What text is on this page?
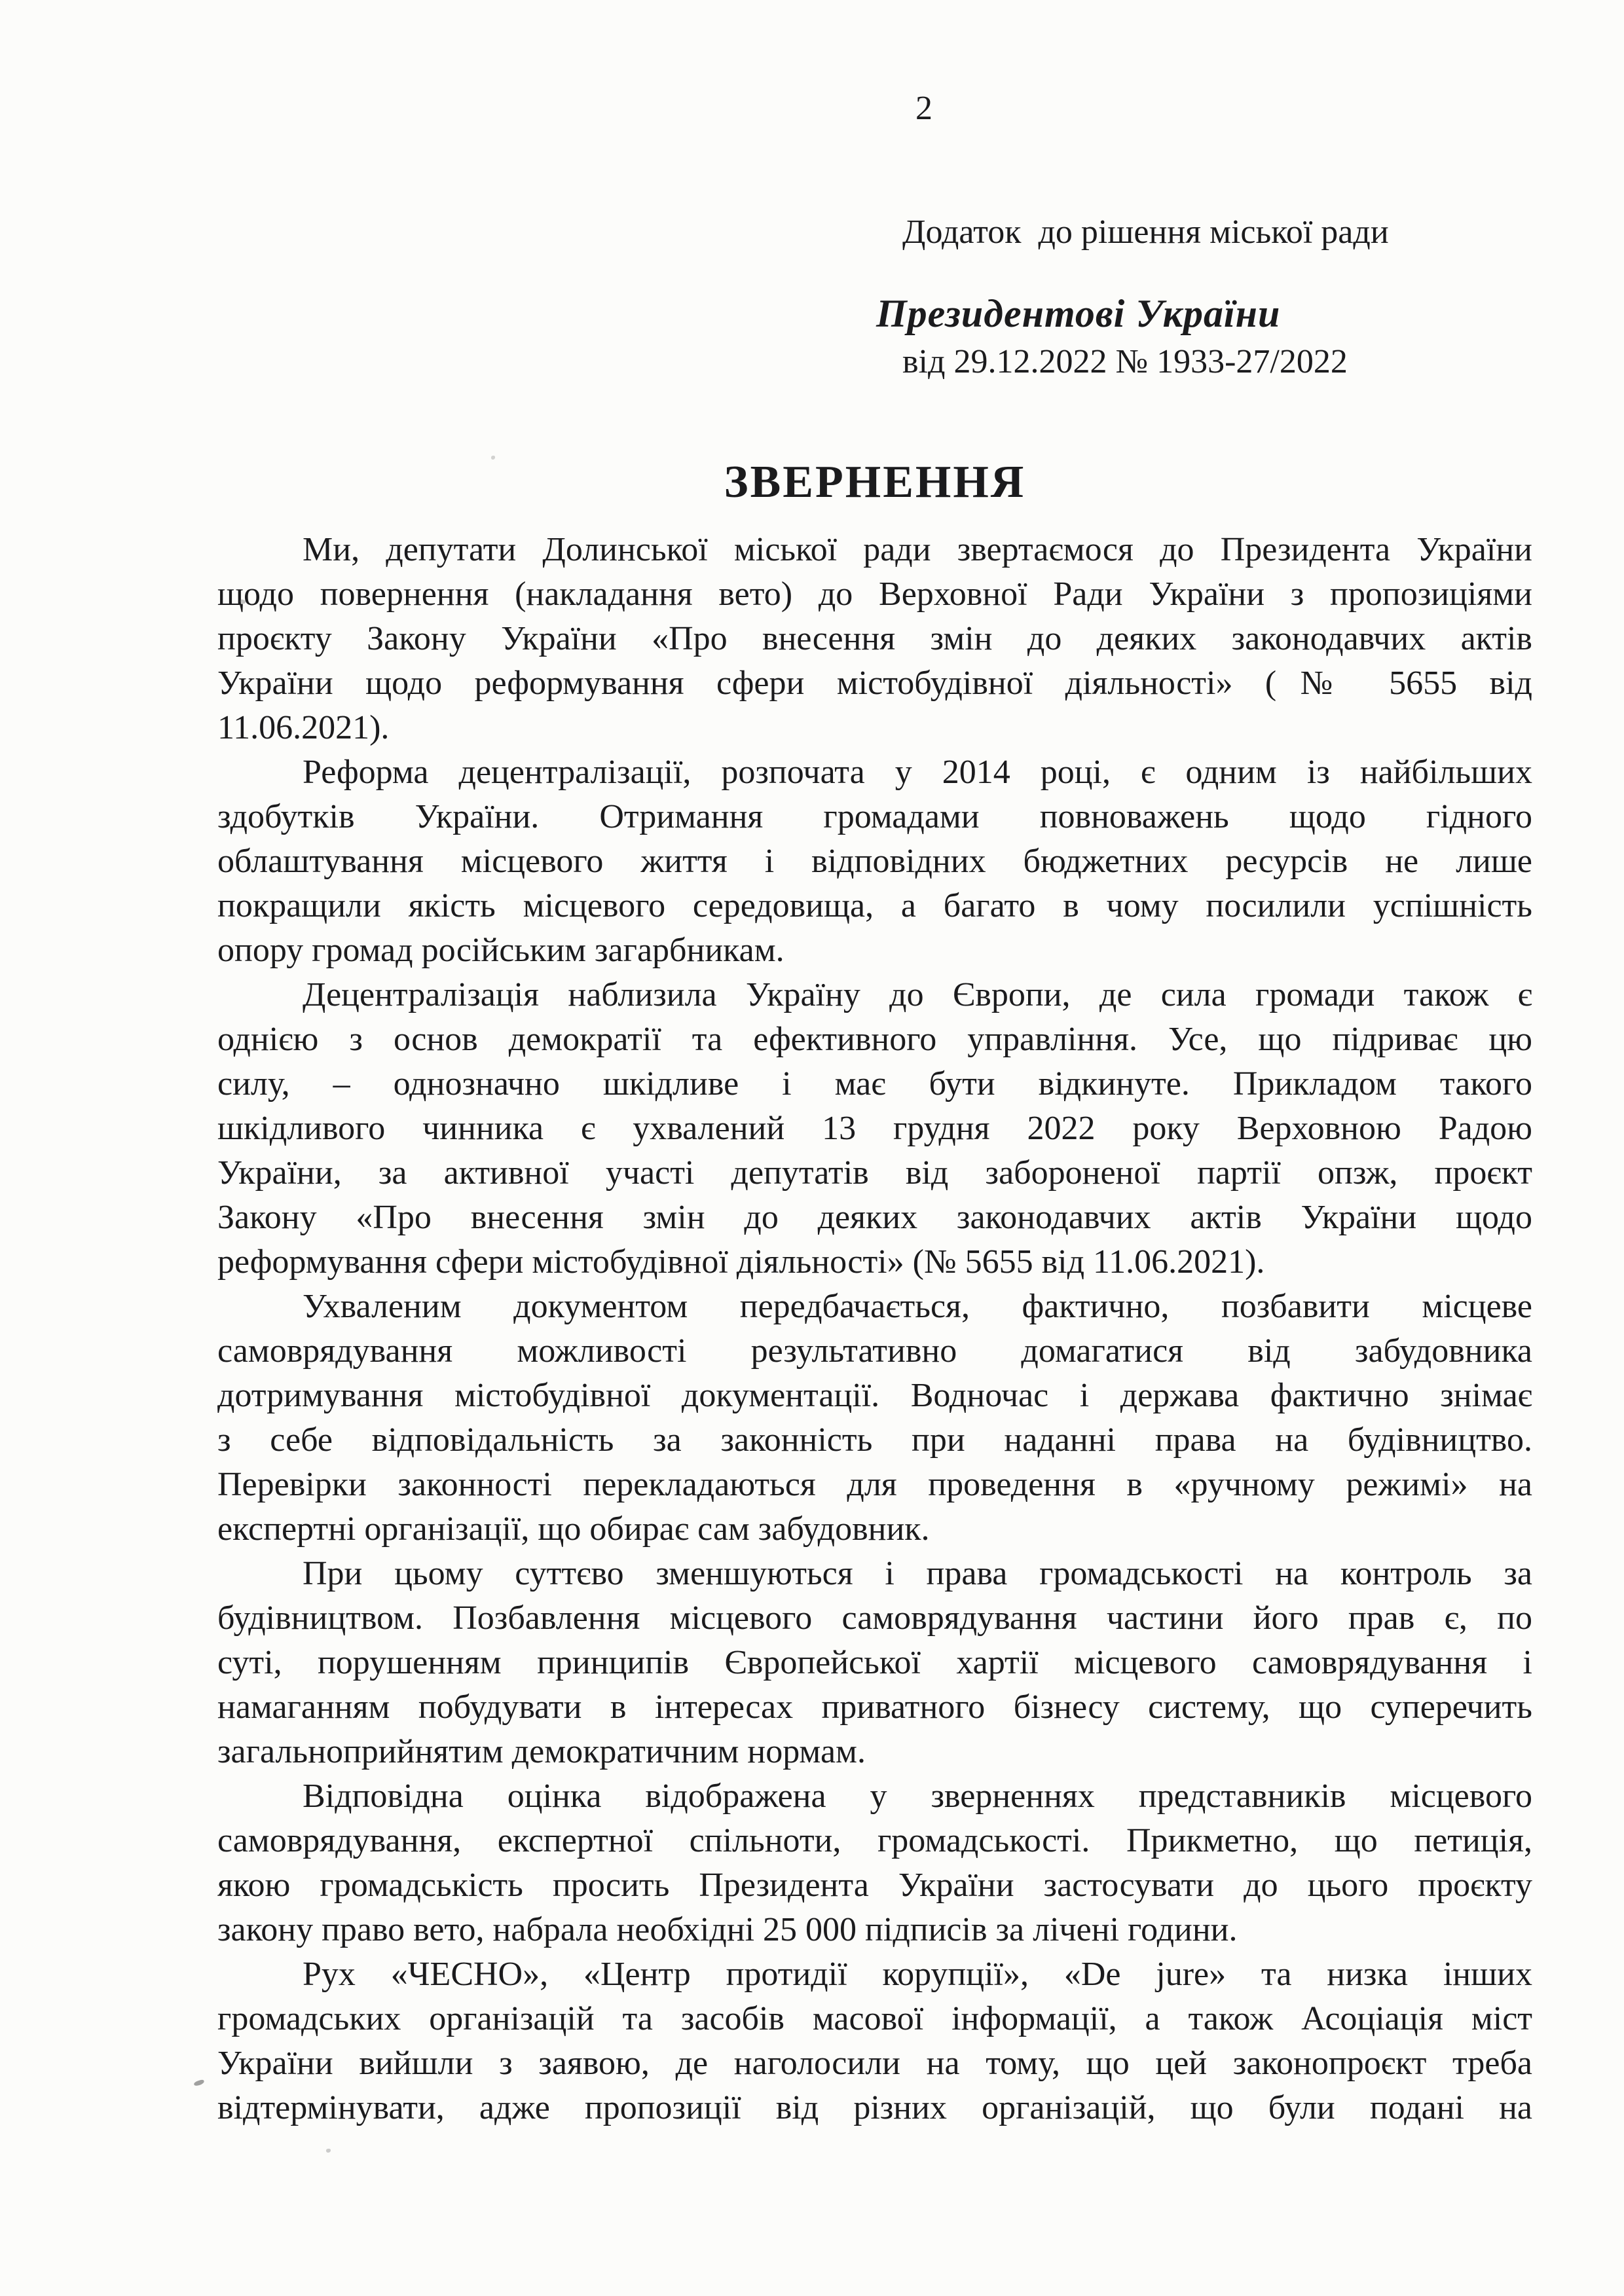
2

Додаток  до рішення міської ради

від 29.12.2022 № 1933-27/2022

Президентові України
ЗВЕРНЕННЯ
Ми, депутати Долинської міської ради звертаємося до Президента України
щодо повернення (накладання вето) до Верховної Ради України з пропозиціями
проєкту Закону України «Про внесення змін до деяких законодавчих актів
України щодо реформування сфери містобудівної діяльності» (№ 5655 від
11.06.2021).
Реформа децентралізації, розпочата у 2014 році, є одним із найбільших
здобутків України. Отримання громадами повноважень щодо гідного
облаштування місцевого життя і відповідних бюджетних ресурсів не лише
покращили якість місцевого середовища, а багато в чому посилили успішність
опору громад російським загарбникам.
Децентралізація наблизила Україну до Європи, де сила громади також є
однією з основ демократії та ефективного управління. Усе, що підриває цю
силу, – однозначно шкідливе і має бути відкинуте. Прикладом такого
шкідливого чинника є ухвалений 13 грудня 2022 року Верховною Радою
України, за активної участі депутатів від забороненої партії опзж, проєкт
Закону «Про внесення змін до деяких законодавчих актів України щодо
реформування сфери містобудівної діяльності» (№ 5655 від 11.06.2021).
Ухваленим документом передбачається, фактично, позбавити місцеве
самоврядування можливості результативно домагатися від забудовника
дотримування містобудівної документації. Водночас і держава фактично знімає
з себе відповідальність за законність при наданні права на будівництво.
Перевірки законності перекладаються для проведення в «ручному режимі» на
експертні організації, що обирає сам забудовник.
При цьому суттєво зменшуються і права громадськості на контроль за
будівництвом. Позбавлення місцевого самоврядування частини його прав є, по
суті, порушенням принципів Європейської хартії місцевого самоврядування і
намаганням побудувати в інтересах приватного бізнесу систему, що суперечить
загальноприйнятим демократичним нормам.
Відповідна оцінка відображена у зверненнях представників місцевого
самоврядування, експертної спільноти, громадськості. Прикметно, що петиція,
якою громадськість просить Президента України застосувати до цього проєкту
закону право вето, набрала необхідні 25 000 підписів за лічені години.
Рух «ЧЕСНО», «Центр протидії корупції», «De jure» та низка інших
громадських організацій та засобів масової інформації, а також Асоціація міст
України вийшли з заявою, де наголосили на тому, що цей законопроєкт треба
відтермінувати, адже пропозиції від різних організацій, що були подані на
